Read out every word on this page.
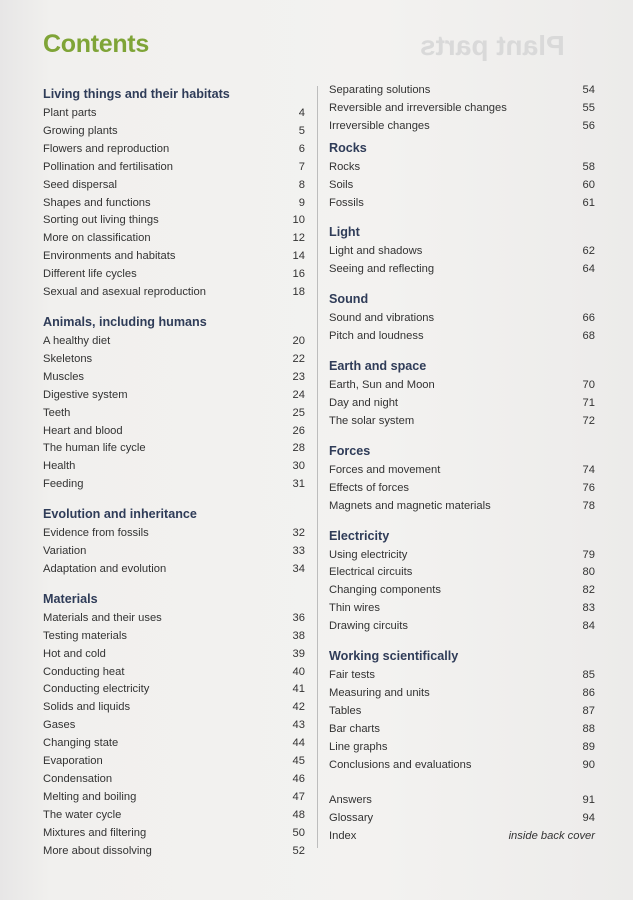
Plant parts
Contents
Living things and their habitats
Plant parts	4
Growing plants	5
Flowers and reproduction	6
Pollination and fertilisation	7
Seed dispersal	8
Shapes and functions	9
Sorting out living things	10
More on classification	12
Environments and habitats	14
Different life cycles	16
Sexual and asexual reproduction	18
Animals, including humans
A healthy diet	20
Skeletons	22
Muscles	23
Digestive system	24
Teeth	25
Heart and blood	26
The human life cycle	28
Health	30
Feeding	31
Evolution and inheritance
Evidence from fossils	32
Variation	33
Adaptation and evolution	34
Materials
Materials and their uses	36
Testing materials	38
Hot and cold	39
Conducting heat	40
Conducting electricity	41
Solids and liquids	42
Gases	43
Changing state	44
Evaporation	45
Condensation	46
Melting and boiling	47
The water cycle	48
Mixtures and filtering	50
More about dissolving	52
Separating solutions	54
Reversible and irreversible changes	55
Irreversible changes	56
Rocks
Rocks	58
Soils	60
Fossils	61
Light
Light and shadows	62
Seeing and reflecting	64
Sound
Sound and vibrations	66
Pitch and loudness	68
Earth and space
Earth, Sun and Moon	70
Day and night	71
The solar system	72
Forces
Forces and movement	74
Effects of forces	76
Magnets and magnetic materials	78
Electricity
Using electricity	79
Electrical circuits	80
Changing components	82
Thin wires	83
Drawing circuits	84
Working scientifically
Fair tests	85
Measuring and units	86
Tables	87
Bar charts	88
Line graphs	89
Conclusions and evaluations	90
Answers	91
Glossary	94
Index	inside back cover
